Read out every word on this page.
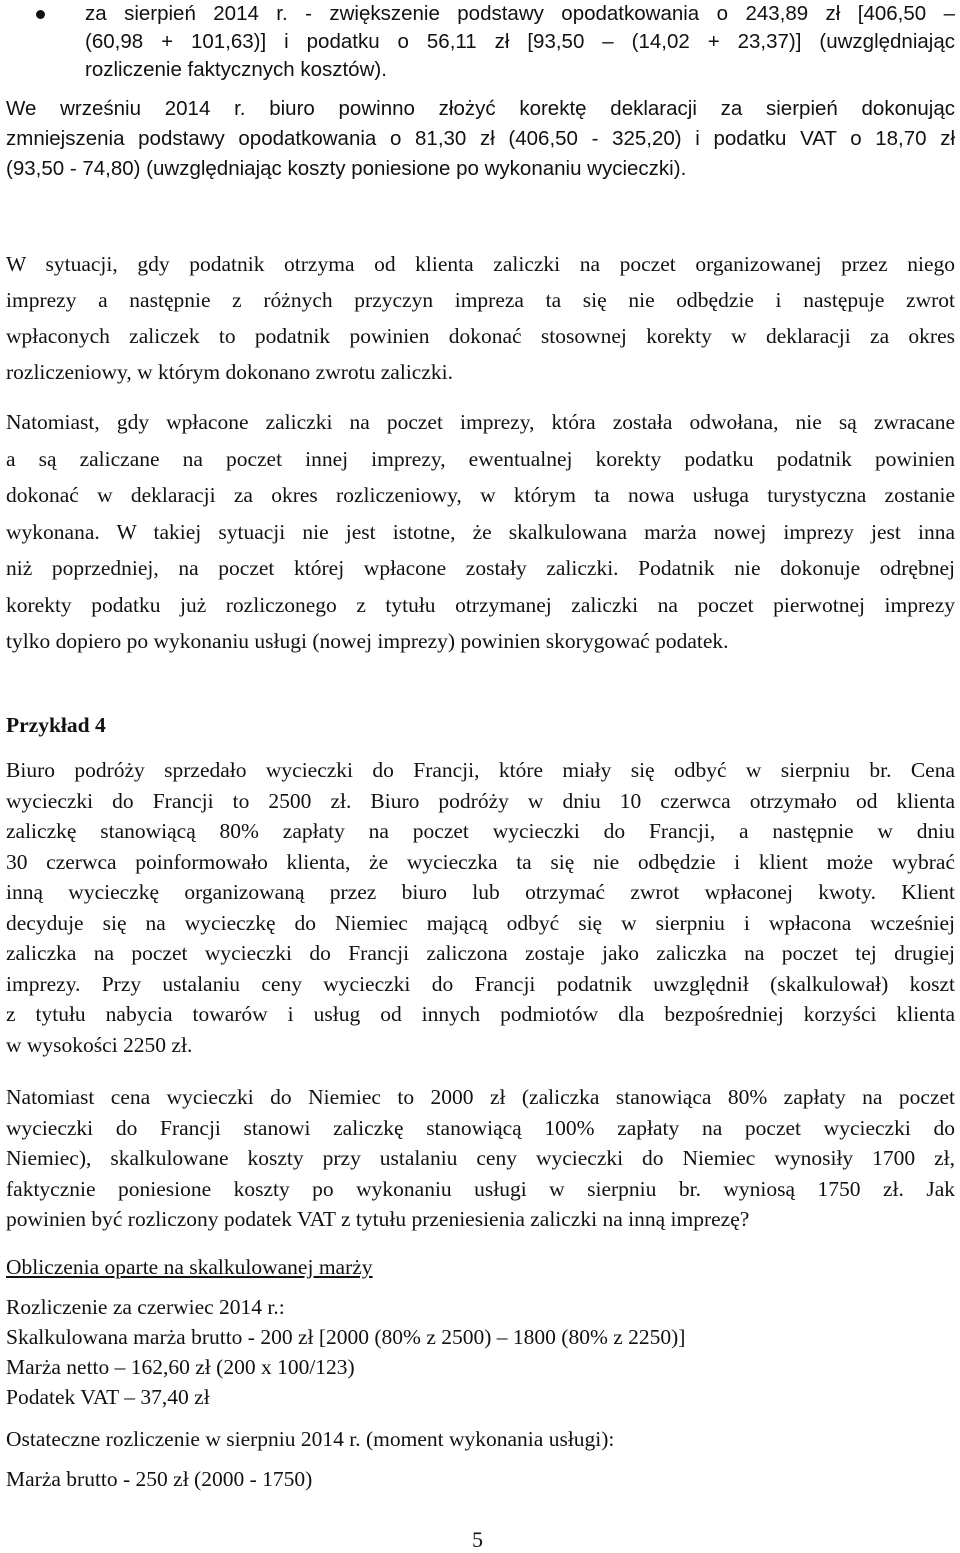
za sierpień 2014 r. - zwiększenie podstawy opodatkowania o 243,89 zł [406,50 –
(60,98 + 101,63)] i podatku o 56,11 zł [93,50 – (14,02 + 23,37)] (uwzględniając
rozliczenie faktycznych kosztów).
We wrześniu 2014 r. biuro powinno złożyć korektę deklaracji za sierpień dokonując
zmniejszenia podstawy opodatkowania o 81,30 zł (406,50 - 325,20) i podatku VAT o 18,70 zł
(93,50 - 74,80) (uwzględniając koszty poniesione po wykonaniu wycieczki).
W sytuacji, gdy podatnik otrzyma od klienta zaliczki na poczet organizowanej przez niego
imprezy a następnie z różnych przyczyn impreza ta się nie odbędzie i następuje zwrot
wpłaconych zaliczek to podatnik powinien dokonać stosownej korekty w deklaracji za okres
rozliczeniowy, w którym dokonano zwrotu zaliczki.
Natomiast, gdy wpłacone zaliczki na poczet imprezy, która została odwołana, nie są zwracane
a są zaliczane na poczet innej imprezy, ewentualnej korekty podatku podatnik powinien
dokonać w deklaracji za okres rozliczeniowy, w którym ta nowa usługa turystyczna zostanie
wykonana. W takiej sytuacji nie jest istotne, że skalkulowana marża nowej imprezy jest inna
niż poprzedniej, na poczet której wpłacone zostały zaliczki. Podatnik nie dokonuje odrębnej
korekty podatku już rozliczonego z tytułu otrzymanej zaliczki na poczet pierwotnej imprezy
tylko dopiero po wykonaniu usługi (nowej imprezy) powinien skorygować podatek.
Przykład 4
Biuro podróży sprzedało wycieczki do Francji, które miały się odbyć w sierpniu br. Cena
wycieczki do Francji to 2500 zł. Biuro podróży w dniu 10 czerwca otrzymało od klienta
zaliczkę stanowiącą 80% zapłaty na poczet wycieczki do Francji, a następnie w dniu
30 czerwca poinformowało klienta, że wycieczka ta się nie odbędzie i klient może wybrać
inną wycieczkę organizowaną przez biuro lub otrzymać zwrot wpłaconej kwoty. Klient
decyduje się na wycieczkę do Niemiec mającą odbyć się w sierpniu i wpłacona wcześniej
zaliczka na poczet wycieczki do Francji zaliczona zostaje jako zaliczka na poczet tej drugiej
imprezy. Przy ustalaniu ceny wycieczki do Francji podatnik uwzględnił (skalkulował) koszt
z tytułu nabycia towarów i usług od innych podmiotów dla bezpośredniej korzyści klienta
w wysokości 2250 zł.
Natomiast cena wycieczki do Niemiec to 2000 zł (zaliczka stanowiąca 80% zapłaty na poczet
wycieczki do Francji stanowi zaliczkę stanowiącą 100% zapłaty na poczet wycieczki do
Niemiec), skalkulowane koszty przy ustalaniu ceny wycieczki do Niemiec wynosiły 1700 zł,
faktycznie poniesione koszty po wykonaniu usługi w sierpniu br. wyniosą 1750 zł. Jak
powinien być rozliczony podatek VAT z tytułu przeniesienia zaliczki na inną imprezę?
Obliczenia oparte na skalkulowanej marży
Rozliczenie za czerwiec 2014 r.:
Skalkulowana marża brutto - 200 zł [2000 (80% z 2500) – 1800 (80% z 2250)]
Marża netto – 162,60 zł (200 x 100/123)
Podatek VAT – 37,40 zł
Ostateczne rozliczenie w sierpniu 2014 r. (moment wykonania usługi):
Marża brutto - 250 zł (2000 - 1750)
5
